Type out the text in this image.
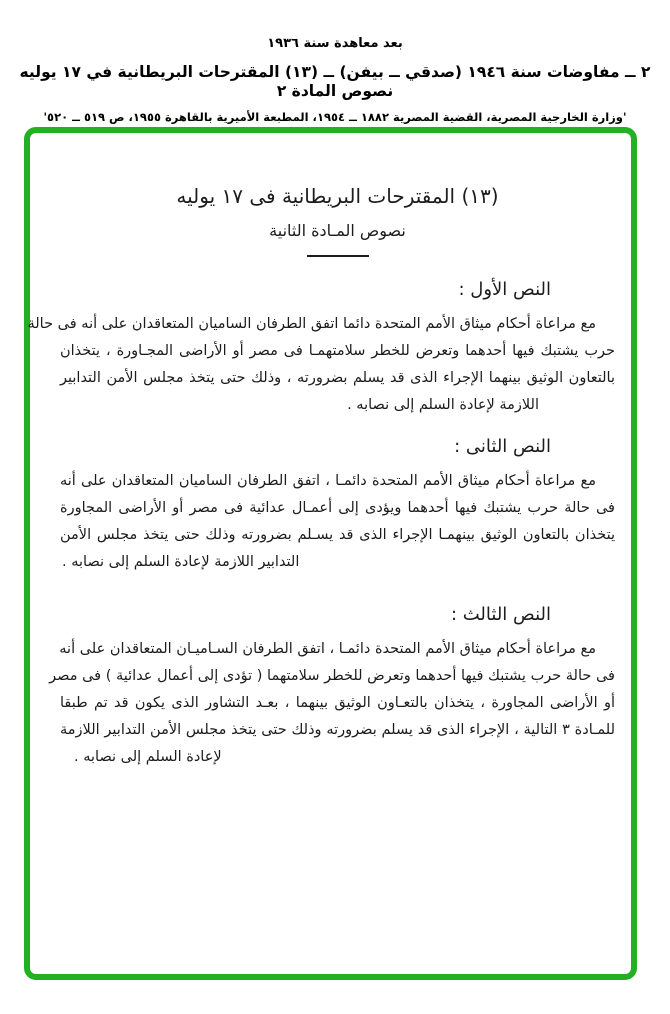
بعد معاهدة سنة ١٩٣٦
٢ ــ مفاوضات سنة ١٩٤٦ (صدقي ــ بيفن) ــ (١٣) المقترحات البريطانية في ١٧ يوليه نصوص المادة ٢
'وزارة الخارجية المصرية، القضية المصرية ١٨٨٢ ــ ١٩٥٤، المطبعة الأميرية بالقاهرة ١٩٥٥، ص ٥١٩ ــ ٥٢٠'
(١٣) المقترحات البريطانية فى ١٧ يوليه
نصوص المـادة الثانية
النص الأول :
مع مراعاة أحكام ميثاق الأمم المتحدة دائما اتفق الطرفان الساميان المتعاقدان على أنه فى حالة
حرب يشتبك فيها أحدهما وتعرض للخطر سلامتهمـا فى مصر أو الأراضى المجـاورة ، يتخذان
بالتعاون الوثيق بينهما الإجراء الذى قد يسلم بضرورته ، وذلك حتى يتخذ مجلس الأمن التدابير
اللازمة لإعادة السلم إلى نصابه .
النص الثانى :
مع مراعاة أحكام ميثاق الأمم المتحدة دائمـا ، اتفق الطرفان الساميان المتعاقدان على أنه
فى حالة حرب يشتبك فيها أحدهما ويؤدى إلى أعمـال عدائية فى مصر أو الأراضى المجاورة
يتخذان بالتعاون الوثيق بينهمـا الإجراء الذى قد يسـلم بضرورته وذلك حتى يتخذ مجلس الأمن
التدابير اللازمة لإعادة السلم إلى نصابه .
النص الثالث :
مع مراعاة أحكام ميثاق الأمم المتحدة دائمـا ، اتفق الطرفان السـاميـان المتعاقدان على أنه
فى حالة حرب يشتبك فيها أحدهما وتعرض للخطر سلامتهما ( تؤدى إلى أعمال عدائية ) فى مصر
أو الأراضى المجاورة ، يتخذان بالتعـاون الوثيق بينهما ، بعـد التشاور الذى يكون قد تم طبقا
للمـادة ٣ التالية ، الإجراء الذى قد يسلم بضرورته وذلك حتى يتخذ مجلس الأمن التدابير اللازمة
لإعادة السلم إلى نصابه .
